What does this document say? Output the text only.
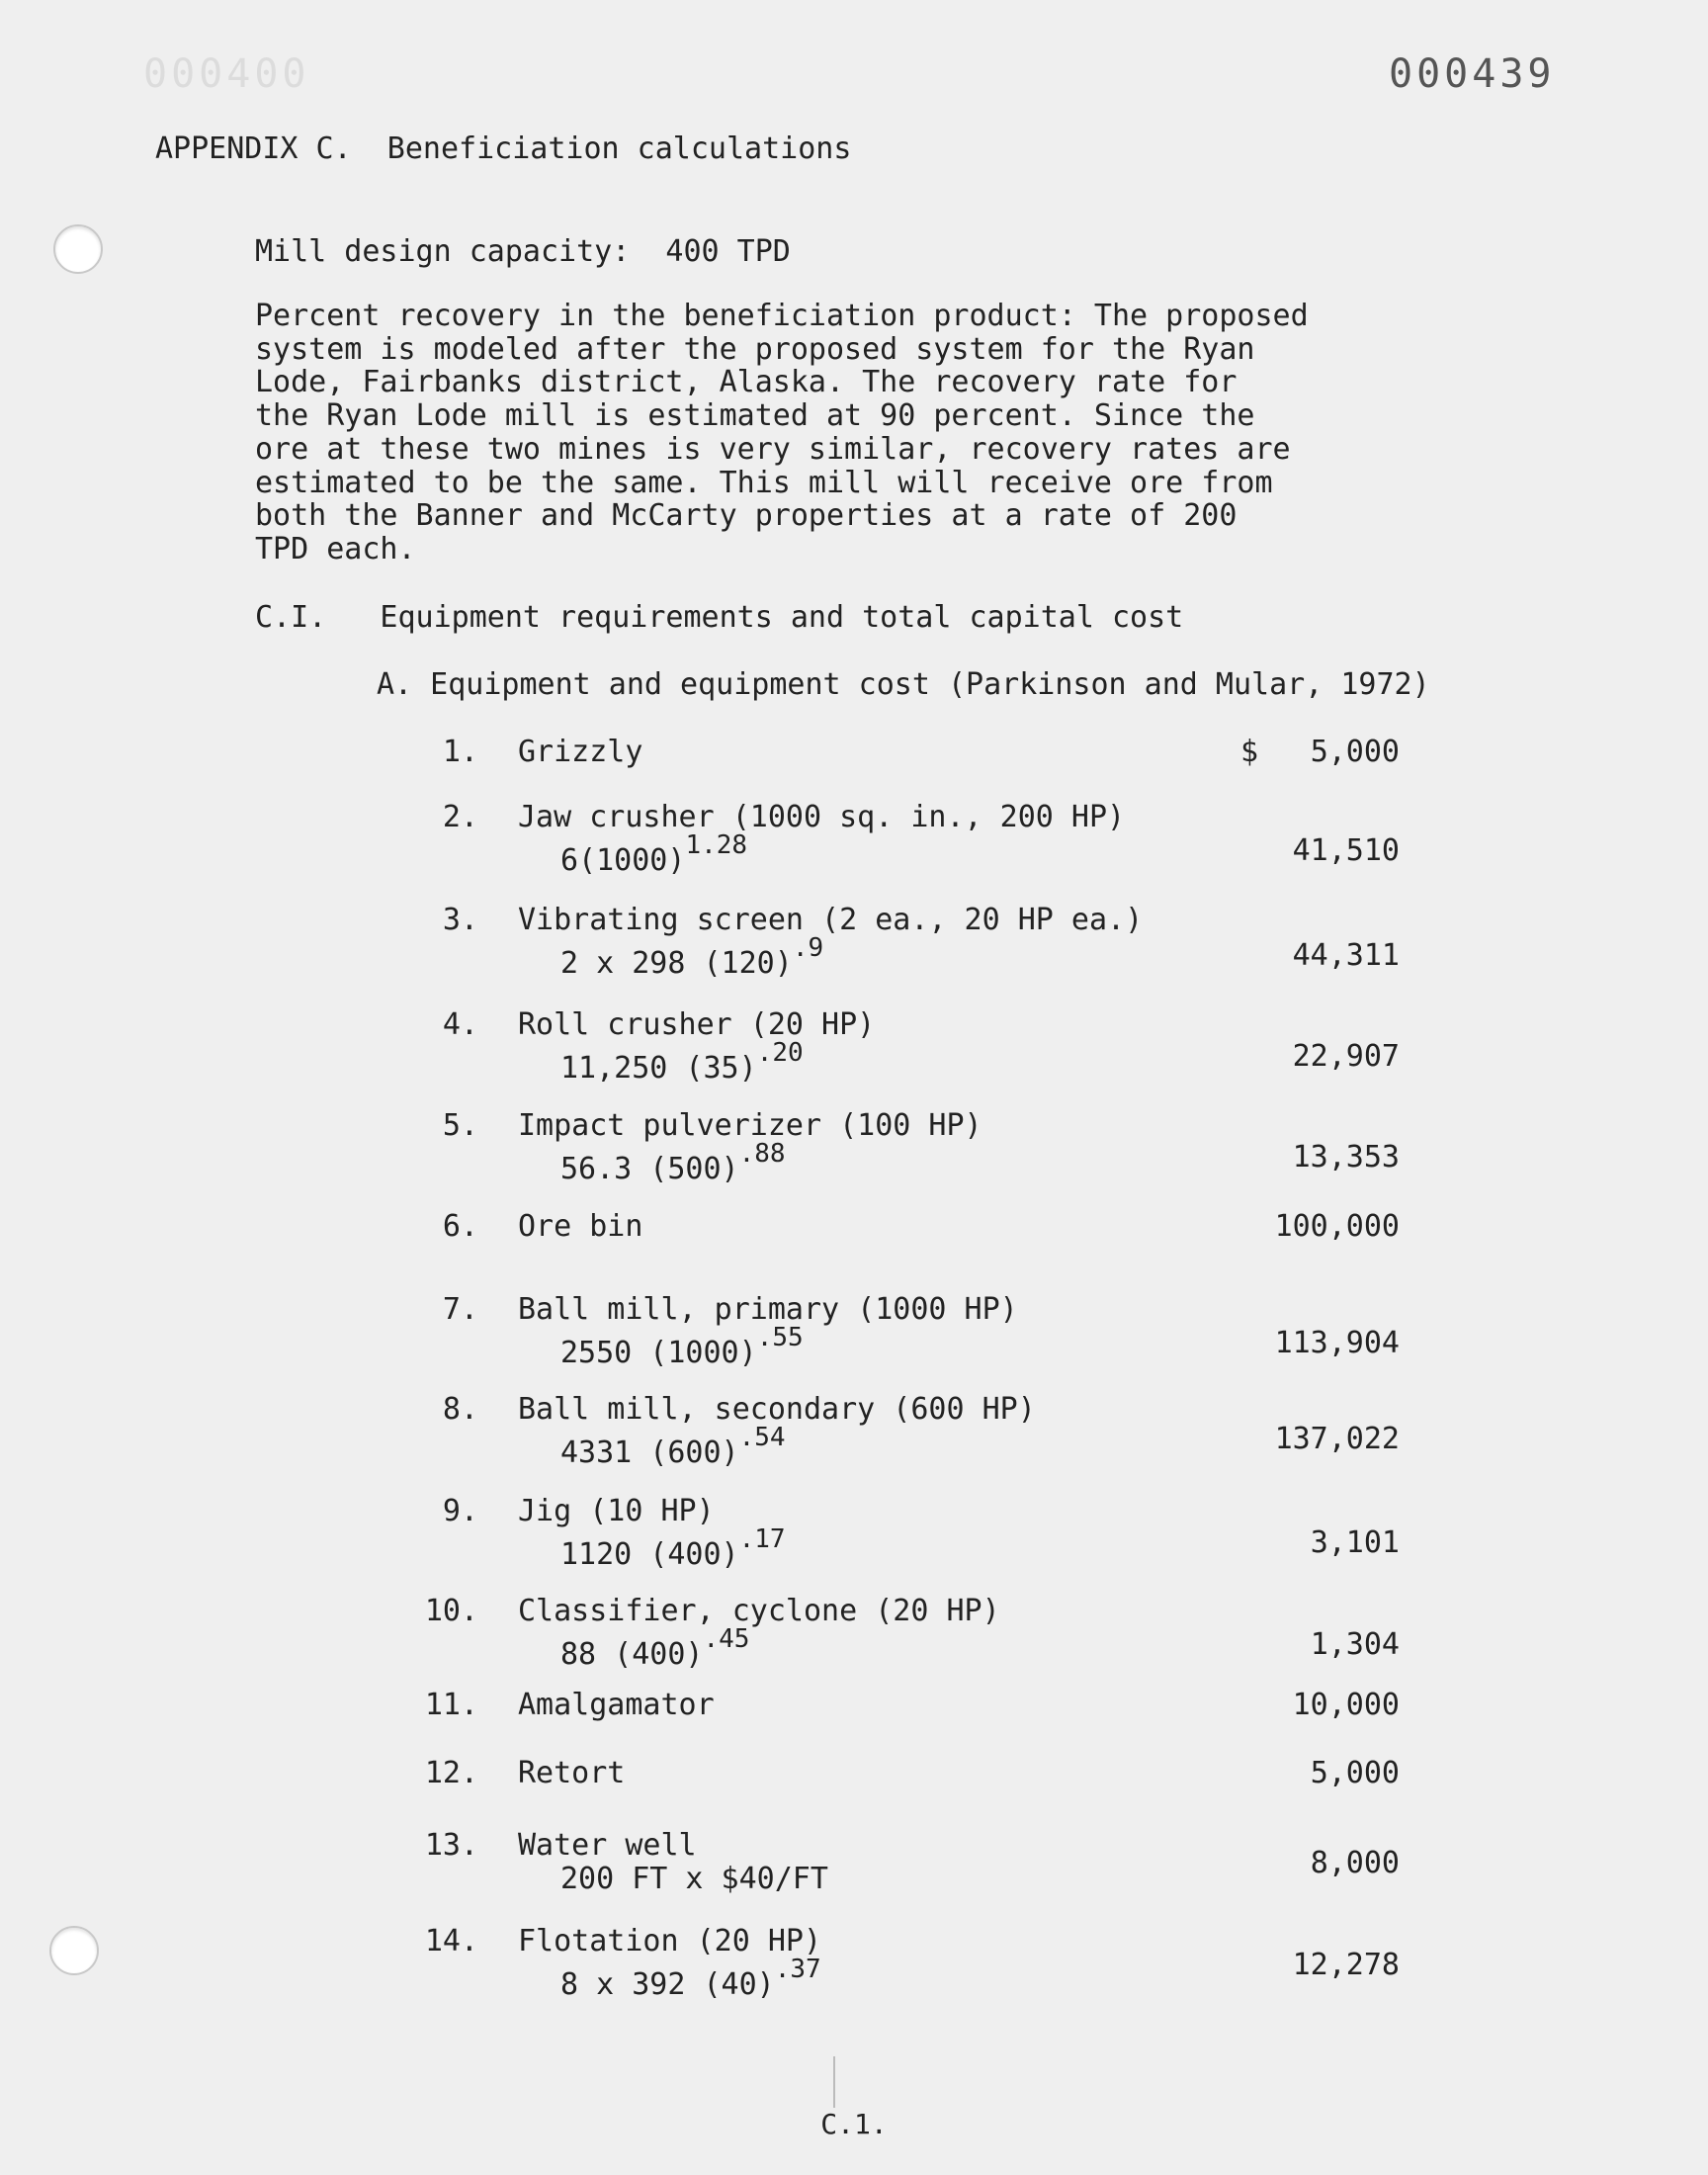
000400	000439
APPENDIX C.  Beneficiation calculations
Mill design capacity:  400 TPD
Percent recovery in the beneficiation product: The proposed
system is modeled after the proposed system for the Ryan
Lode, Fairbanks district, Alaska. The recovery rate for
the Ryan Lode mill is estimated at 90 percent. Since the
ore at these two mines is very similar, recovery rates are
estimated to be the same. This mill will receive ore from
both the Banner and McCarty properties at a rate of 200
TPD each.
C.I.   Equipment requirements and total capital cost
A. Equipment and equipment cost (Parkinson and Mular, 1972)
$
1. Grizzly	5,000
2. Jaw crusher (1000 sq. in., 200 HP)
$6(1000)^{1.28}$	41,510
3. Vibrating screen (2 ea., 20 HP ea.)
2 x 298 $(120)^{.9}$	44,311
4. Roll crusher (20 HP)
11,250 $(35)^{.20}$	22,907
5. Impact pulverizer (100 HP)
56.3 $(500)^{.88}$	13,353
6. Ore bin	100,000
7. Ball mill, primary (1000 HP)
2550 $(1000)^{.55}$	113,904
8. Ball mill, secondary (600 HP)
4331 $(600)^{.54}$	137,022
9. Jig (10 HP)
1120 $(400)^{.17}$	3,101
10. Classifier, cyclone (20 HP)
88 $(400)^{.45}$	1,304
11. Amalgamator	10,000
12. Retort	5,000
13. Water well
200 FT x $40/FT	8,000
14. Flotation (20 HP)
8 x 392 $(40)^{.37}$	12,278
C.1.
